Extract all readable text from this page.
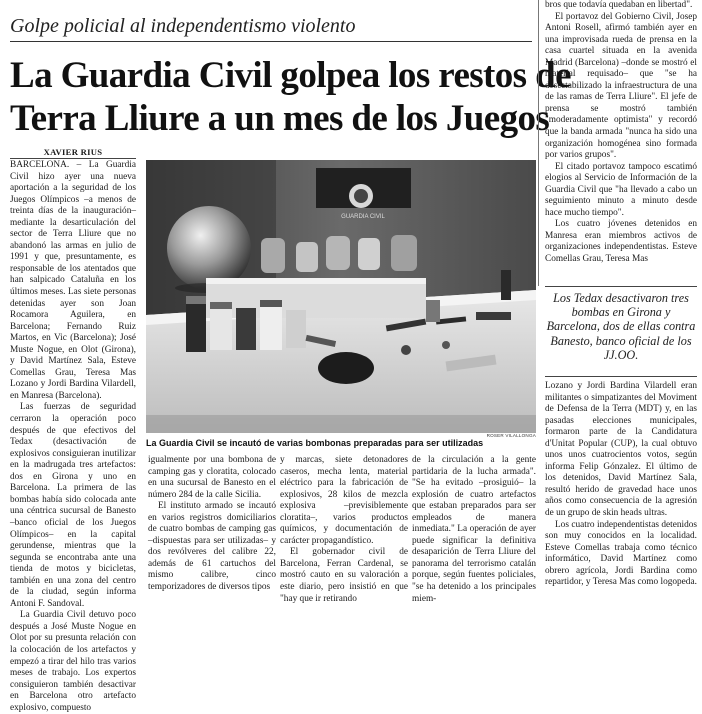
Golpe policial al independentismo violento
La Guardia Civil golpea los restos de
Terra Lliure a un mes de los Juegos
XAVIER RIUS

BARCELONA. – La Guardia Civil hizo ayer una nueva aportación a la seguridad de los Juegos Olímpicos –a menos de treinta días de la inauguración– mediante la desarticulación del sector de Terra Lliure que no abandonó las armas en julio de 1991 y que, presuntamente, es responsable de los atentados que han salpicado Cataluña en los últimos meses. Las siete personas detenidas ayer son Joan Rocamora Aguilera, en Barcelona; Fernando Ruiz Martos, en Vic (Barcelona); José Muste Nogue, en Olot (Girona), y David Martínez Sala, Esteve Comellas Grau, Teresa Mas Lozano y Jordi Bardina Vilardell, en Manresa (Barcelona).

Las fuerzas de seguridad cerraron la operación poco después de que efectivos del Tedax (desactivación de explosivos consiguieran inutilizar en la madrugada tres artefactos: dos en Girona y uno en Barcelona. La primera de las bombas había sido colocada ante una céntrica sucursal de Banesto –banco oficial de los Juegos Olímpicos– en la capital gerundense, mientras que la segunda se encontraba ante una tienda de motos y bicicletas, también en una zona del centro de la ciudad, según informa Antoni F. Sandoval.

La Guardia Civil detuvo poco después a José Muste Nogue en Olot por su presunta relación con la colocación de los artefactos y empezó a tirar del hilo tras varios meses de trabajo. Los expertos consiguieron también desactivar en Barcelona otro artefacto explosivo, compuesto

GUARDIA CIVIL
ROSER VILALLONGA
La Guardia Civil se incautó de varias bombonas preparadas para ser utilizadas

igualmente por una bombona de camping gas y cloratita, colocado en una sucursal de Banesto en el número 284 de la calle Sicilia.

El instituto armado se incautó en varios registros domiciliarios de cuatro bombas de camping gas –dispuestas para ser utilizadas– y dos revólveres del calibre 22, además de 61 cartuchos del mismo calibre, cinco temporizadores de diversos tipos

y marcas, siete detonadores caseros, mecha lenta, material eléctrico para la fabricación de explosivos, 28 kilos de mezcla explosiva –previsiblemente cloratita–, varios productos químicos, y documentación de carácter propagandístico.

El gobernador civil de Barcelona, Ferran Cardenal, se mostró cauto en su valoración a este diario, pero insistió en que "hay que ir retirando

de la circulación a la gente partidaria de la lucha armada". "Se ha evitado –prosiguió– la explosión de cuatro artefactos que estaban preparados para ser empleados de manera inmediata." La operación de ayer puede significar la definitiva desaparición de Terra Lliure del panorama del terrorismo catalán porque, según fuentes policiales, "se ha detenido a los principales miem-

bros que todavía quedaban en libertad".

El portavoz del Gobierno Civil, Josep Antoni Rosell, afirmó también ayer en una improvisada rueda de prensa en la casa cuartel situada en la avenida Madrid (Barcelona) –donde se mostró el material requisado– que "se ha desestabilizado la infraestructura de una de las ramas de Terra Lliure". El jefe de prensa se mostró también "moderadamente optimista" y recordó que la banda armada "nunca ha sido una organización homogénea sino formada por varios grupos".

El citado portavoz tampoco escatimó elogios al Servicio de Información de la Guardia Civil que "ha llevado a cabo un seguimiento minuto a minuto desde hace mucho tiempo".

Los cuatro jóvenes detenidos en Manresa eran miembros activos de organizaciones independentistas. Esteve Comellas Grau, Teresa Mas

Los Tedax desactivaron tres bombas en Girona y Barcelona, dos de ellas contra Banesto, banco oficial de los JJ.OO.

Lozano y Jordi Bardina Vilardell eran militantes o simpatizantes del Moviment de Defensa de la Terra (MDT) y, en las pasadas elecciones municipales, formaron parte de la Candidatura d'Unitat Popular (CUP), la cual obtuvo unos unos cuatrocientos votos, según informa Felip Gónzalez. El último de los detenidos, David Martínez Sala, resultó herido de gravedad hace unos años como consecuencia de la agresión de un grupo de skin heads ultras.

Los cuatro independentistas detenidos son muy conocidos en la localidad. Esteve Comellas trabaja como técnico informático, David Martínez como obrero agrícola, Jordi Bardina como repartidor, y Teresa Mas como logopeda.
